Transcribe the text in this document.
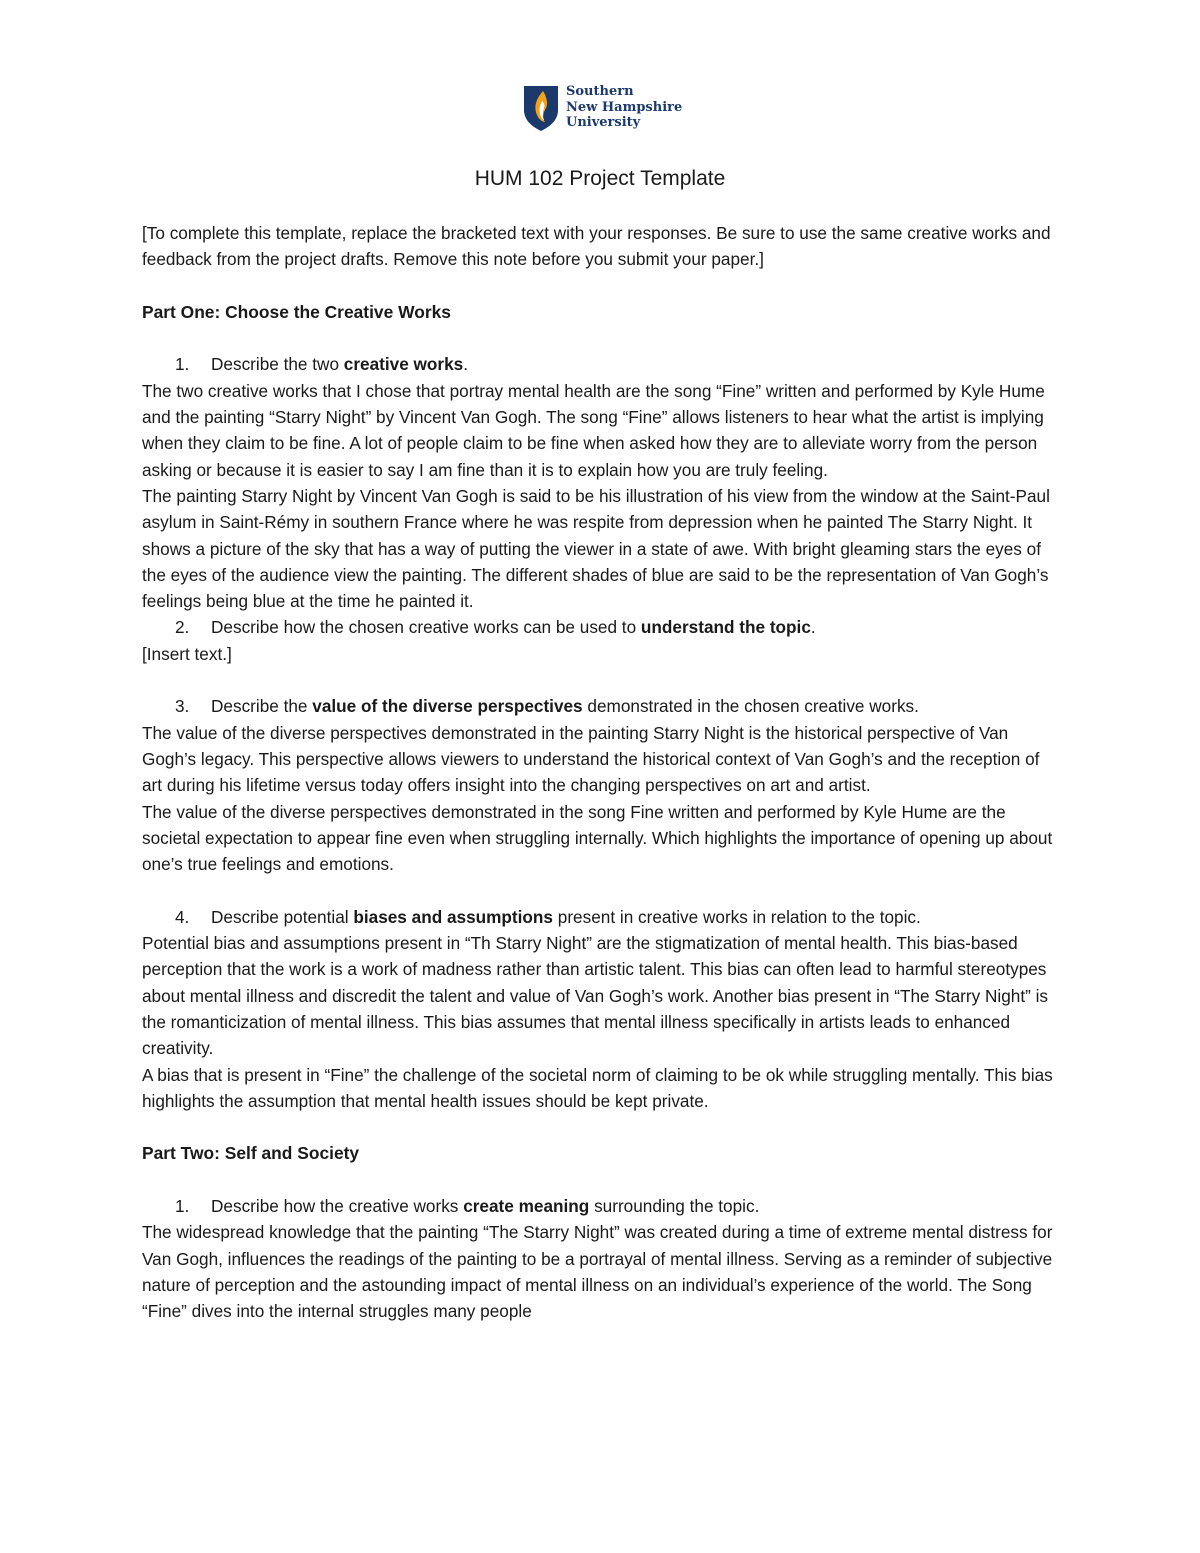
Southern
New Hampshire
University
HUM 102 Project Template

[To complete this template, replace the bracketed text with your responses. Be sure to use the same creative works and feedback from the project drafts. Remove this note before you submit your paper.]

Part One: Choose the Creative Works

1. Describe the two creative works.

The two creative works that I chose that portray mental health are the song “Fine” written and performed by Kyle Hume and the painting “Starry Night” by Vincent Van Gogh. The song “Fine” allows listeners to hear what the artist is implying when they claim to be fine. A lot of people claim to be fine when asked how they are to alleviate worry from the person asking or because it is easier to say I am fine than it is to explain how you are truly feeling.

The painting Starry Night by Vincent Van Gogh is said to be his illustration of his view from the window at the Saint-Paul asylum in Saint-Rémy in southern France where he was respite from depression when he painted The Starry Night. It shows a picture of the sky that has a way of putting the viewer in a state of awe. With bright gleaming stars the eyes of the eyes of the audience view the painting. The different shades of blue are said to be the representation of Van Gogh’s feelings being blue at the time he painted it.

2. Describe how the chosen creative works can be used to understand the topic.

[Insert text.]

3. Describe the value of the diverse perspectives demonstrated in the chosen creative works.

The value of the diverse perspectives demonstrated in the painting Starry Night is the historical perspective of Van Gogh’s legacy. This perspective allows viewers to understand the historical context of Van Gogh’s and the reception of art during his lifetime versus today offers insight into the changing perspectives on art and artist.

The value of the diverse perspectives demonstrated in the song Fine written and performed by Kyle Hume are the societal expectation to appear fine even when struggling internally. Which highlights the importance of opening up about one’s true feelings and emotions.

4. Describe potential biases and assumptions present in creative works in relation to the topic.

Potential bias and assumptions present in “Th Starry Night” are the stigmatization of mental health. This bias-based perception that the work is a work of madness rather than artistic talent. This bias can often lead to harmful stereotypes about mental illness and discredit the talent and value of Van Gogh’s work. Another bias present in “The Starry Night” is the romanticization of mental illness. This bias assumes that mental illness specifically in artists leads to enhanced creativity.

A bias that is present in “Fine” the challenge of the societal norm of claiming to be ok while struggling mentally. This bias highlights the assumption that mental health issues should be kept private.

Part Two: Self and Society

1. Describe how the creative works create meaning surrounding the topic.

The widespread knowledge that the painting “The Starry Night” was created during a time of extreme mental distress for Van Gogh, influences the readings of the painting to be a portrayal of mental illness. Serving as a reminder of subjective nature of perception and the astounding impact of mental illness on an individual’s experience of the world. The Song “Fine” dives into the internal struggles many people
